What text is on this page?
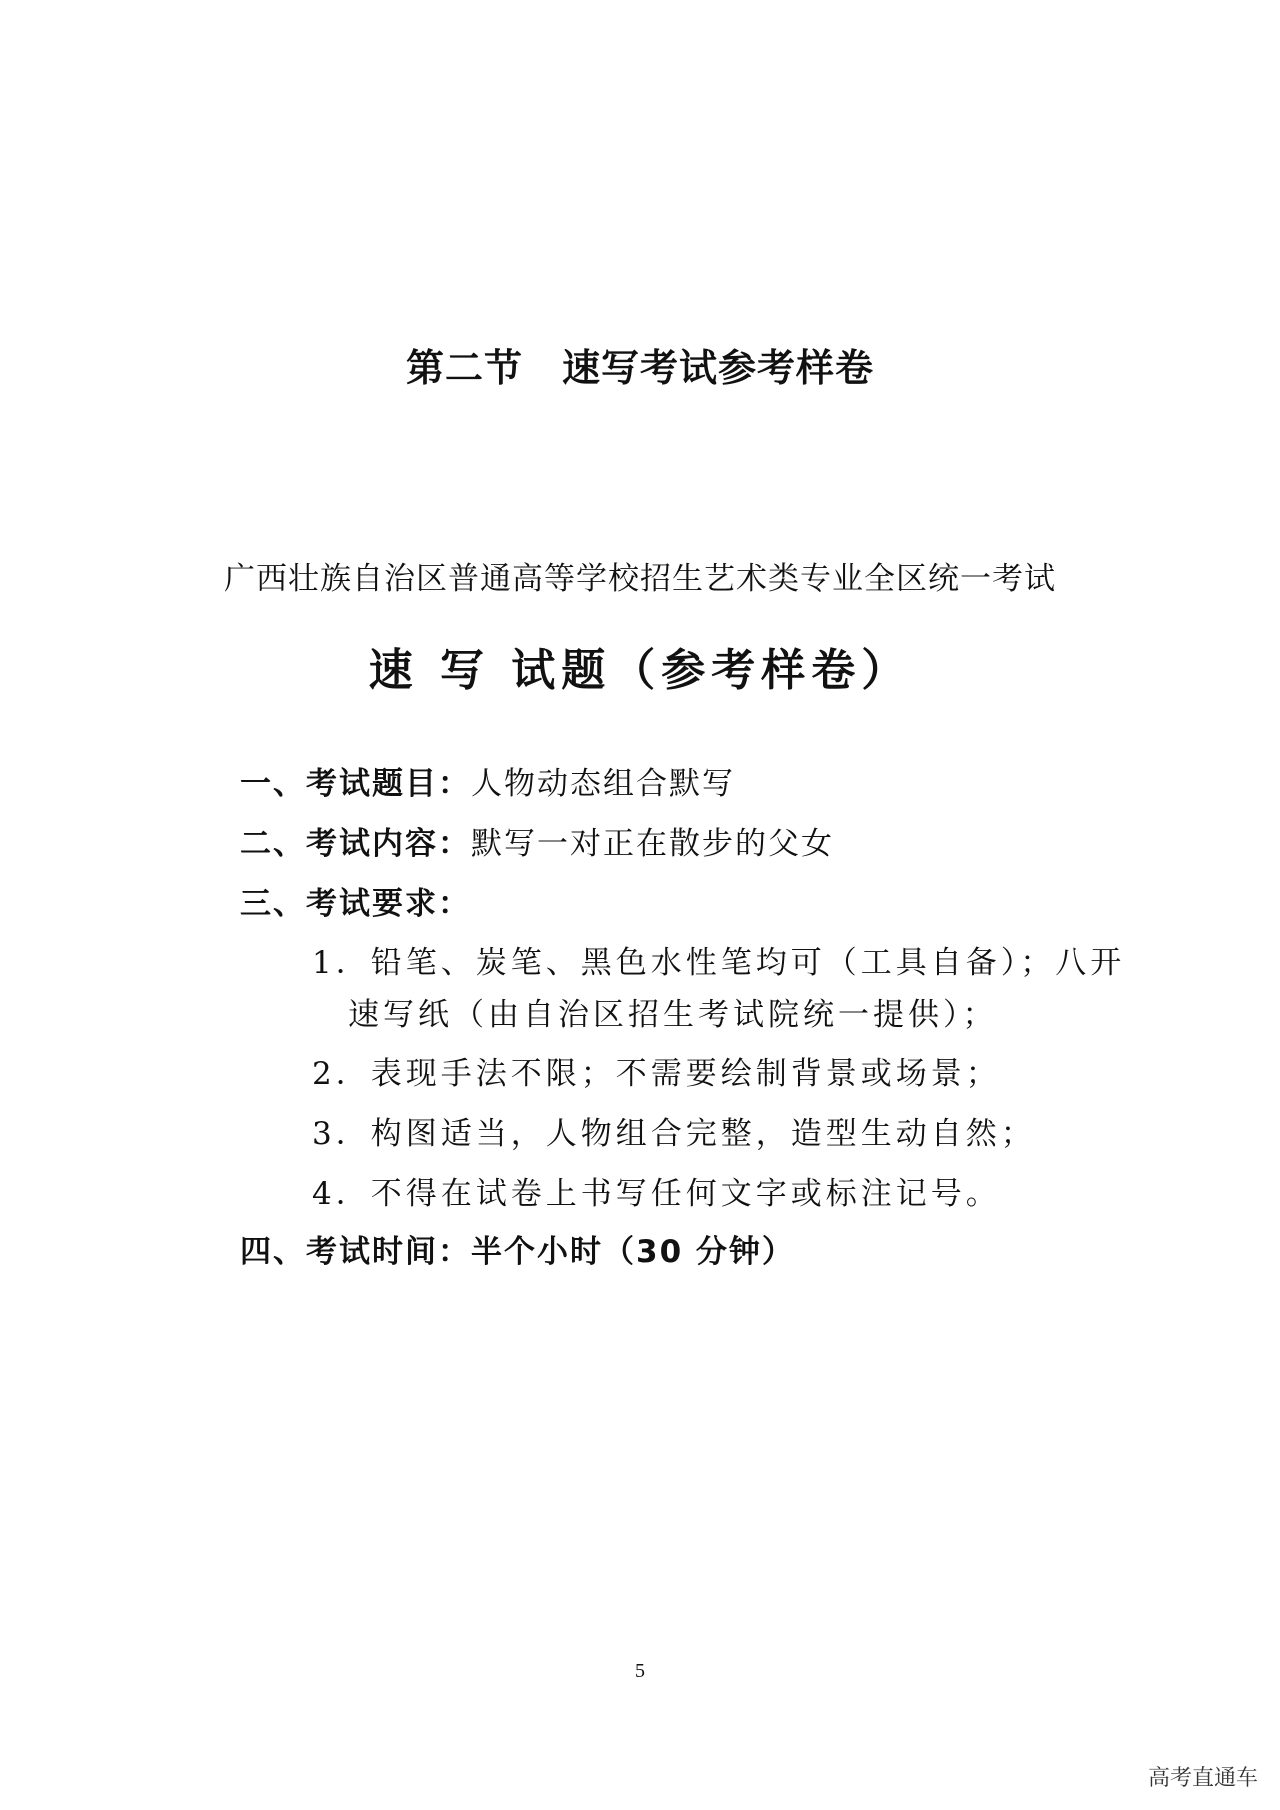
第二节　速写考试参考样卷
广西壮族自治区普通高等学校招生艺术类专业全区统一考试
速 写 试题（参考样卷）
一、考试题目：人物动态组合默写
二、考试内容：默写一对正在散步的父女
三、考试要求：
1．铅笔、炭笔、黑色水性笔均可（工具自备）；八开
速写纸（由自治区招生考试院统一提供）；
2．表现手法不限；不需要绘制背景或场景；
3．构图适当，人物组合完整，造型生动自然；
4．不得在试卷上书写任何文字或标注记号。
四、考试时间：半个小时（30 分钟）
5
高考直通车
